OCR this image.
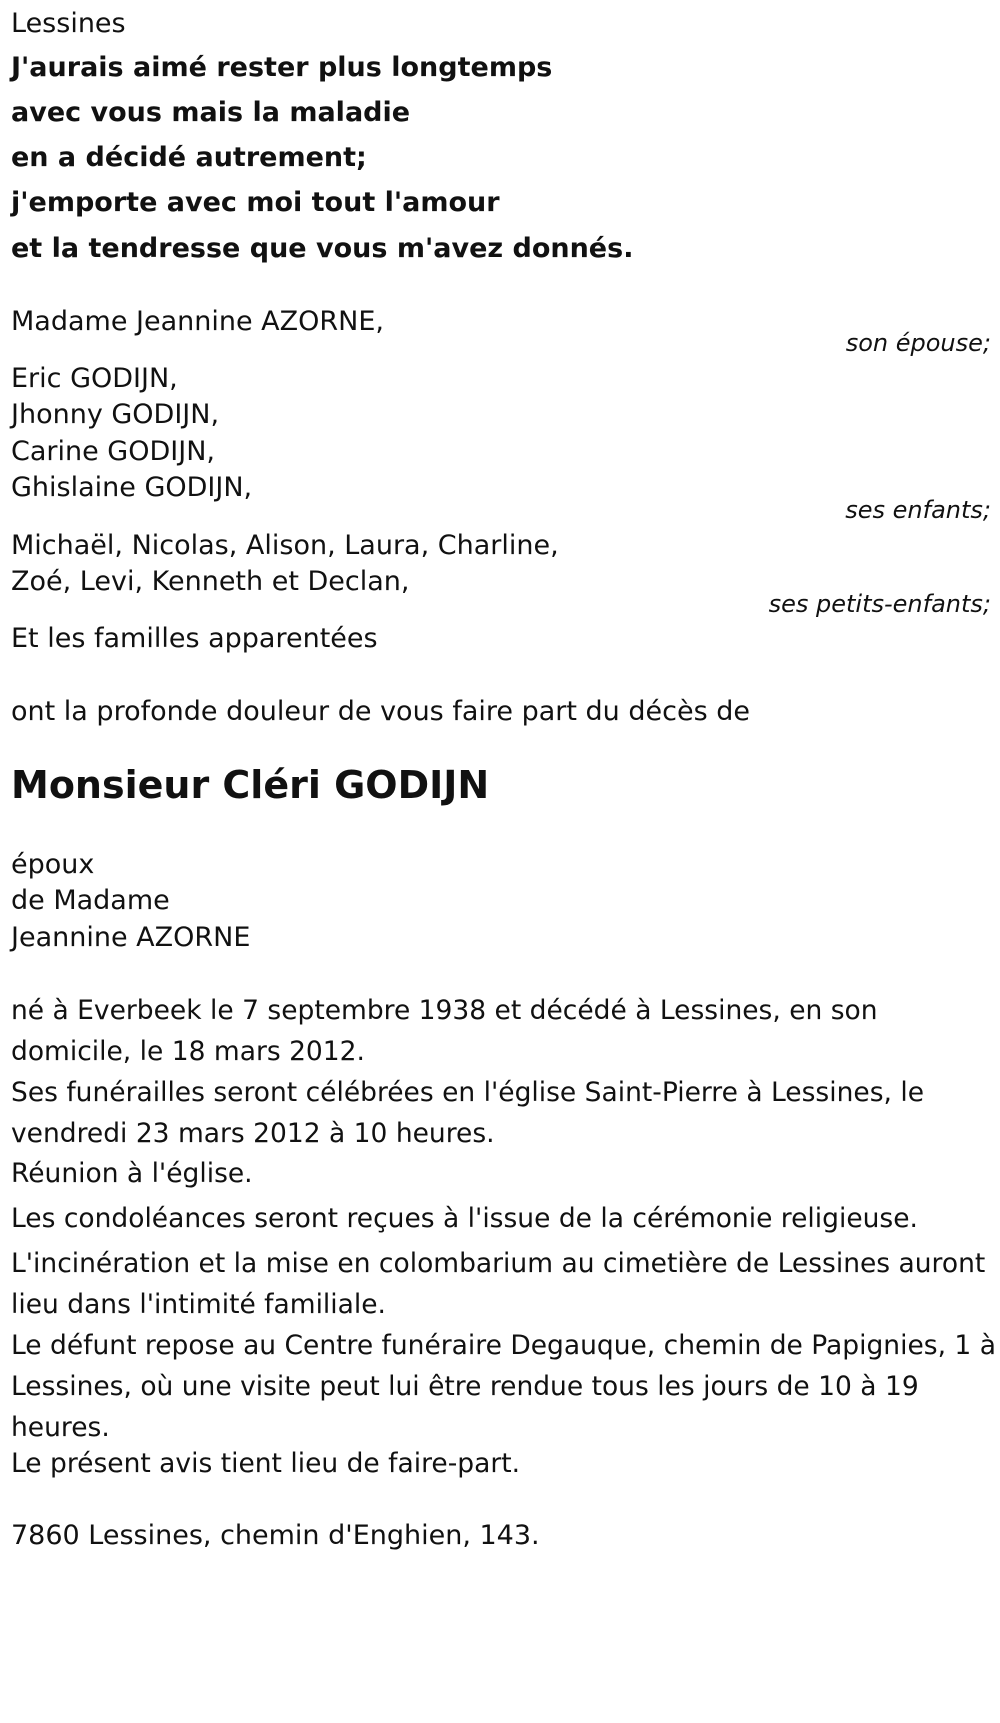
Lessines
J'aurais aimé rester plus longtemps
avec vous mais la maladie
en a décidé autrement;
j'emporte avec moi tout l'amour
et la tendresse que vous m'avez donnés.
Madame Jeannine AZORNE,
son épouse;
Eric GODIJN,
Jhonny GODIJN,
Carine GODIJN,
Ghislaine GODIJN,
ses enfants;
Michaël, Nicolas, Alison, Laura, Charline,
Zoé, Levi, Kenneth et Declan,
ses petits-enfants;
Et les familles apparentées
ont la profonde douleur de vous faire part du décès de
Monsieur Cléri GODIJN
époux
de Madame
Jeannine AZORNE
né à Everbeek le 7 septembre 1938 et décédé à Lessines, en son domicile, le 18 mars 2012.
Ses funérailles seront célébrées en l'église Saint-Pierre à Lessines, le vendredi 23 mars 2012 à 10 heures.
Réunion à l'église.
Les condoléances seront reçues à l'issue de la cérémonie religieuse.
L'incinération et la mise en colombarium au cimetière de Lessines auront lieu dans l'intimité familiale.
Le défunt repose au Centre funéraire Degauque, chemin de Papignies, 1 à Lessines, où une visite peut lui être rendue tous les jours de 10 à 19 heures.
Le présent avis tient lieu de faire-part.
7860 Lessines, chemin d'Enghien, 143.
